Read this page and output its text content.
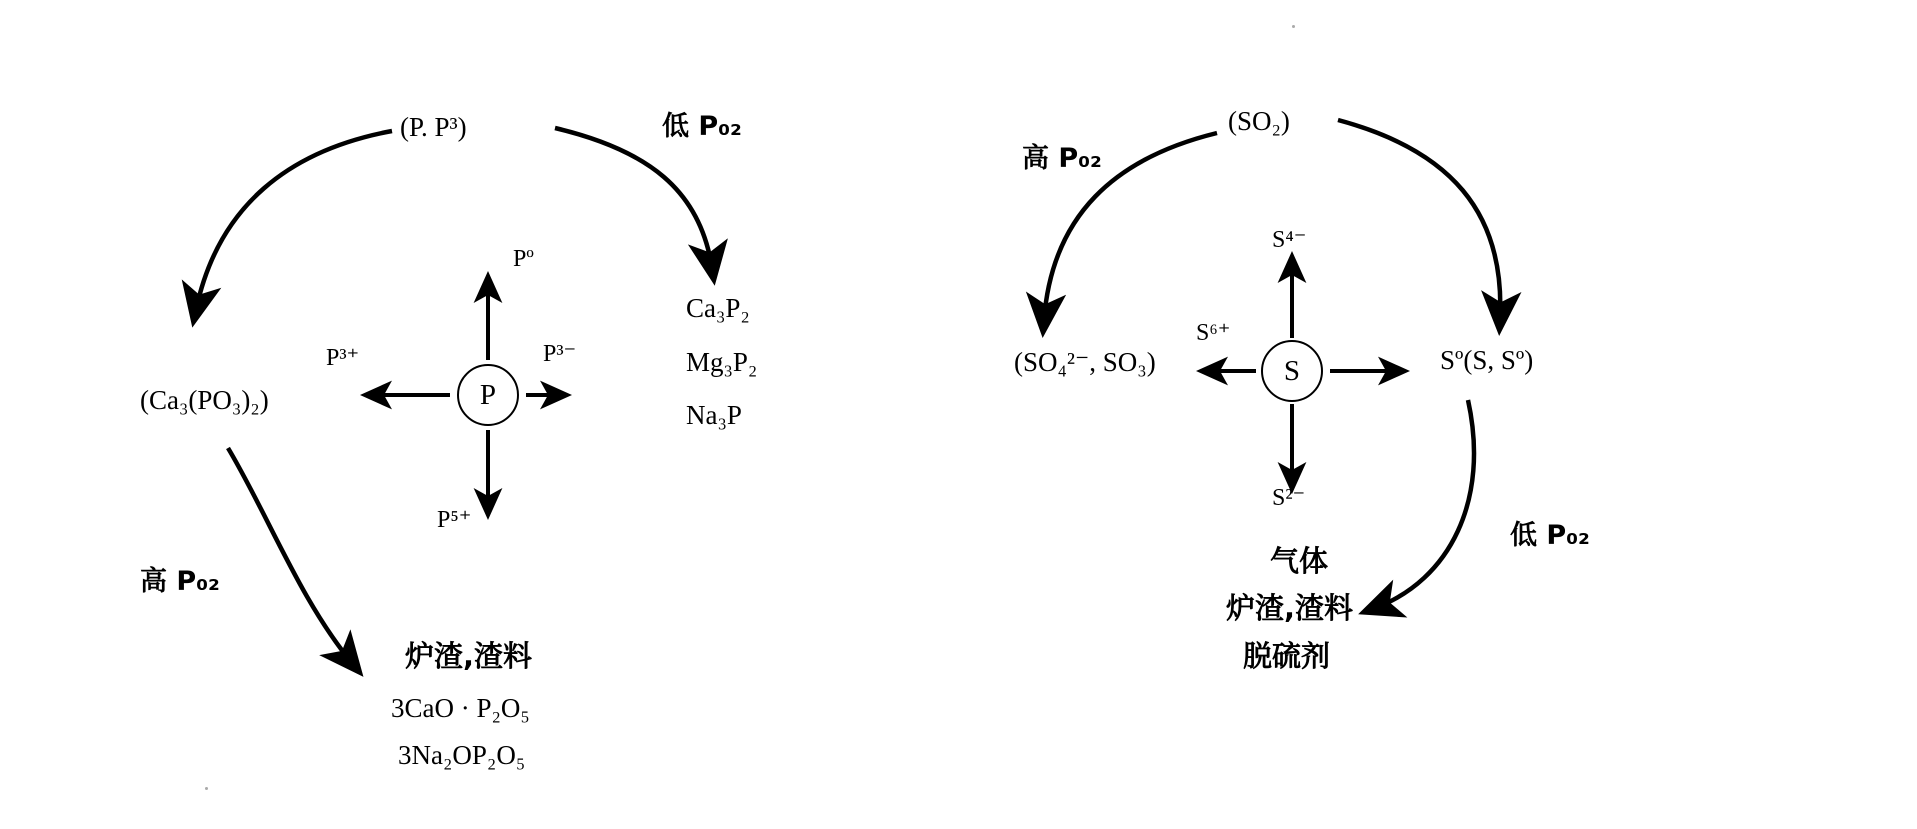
(P. P³)	低 P₀₂
高 P₀₂
P
Pº
P³⁺	P³⁻
P⁵⁺
(Ca₃(PO₃)₂)
Ca₃P₂
Mg₃P₂
Na₃P
炉渣,渣料
3CaO · P₂O₅
3Na₂OP₂O₅
(SO₂)
高 P₀₂
低 P₀₂
S
S⁴⁻
S⁶⁺
S²⁻
(SO₄²⁻, SO₃)	Sº(S, Sº)
气体
炉渣,渣料
脱硫剂
